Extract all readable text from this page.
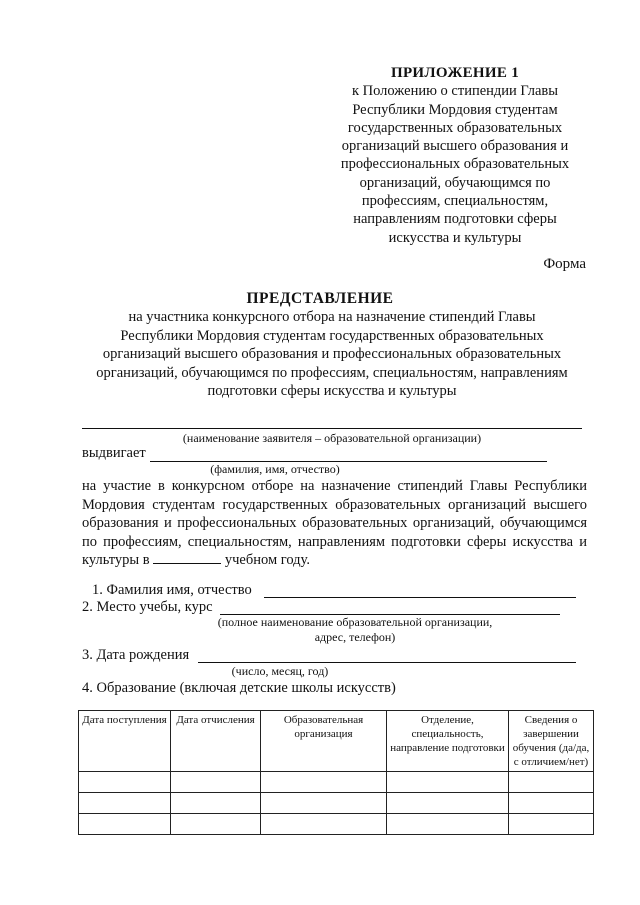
ПРИЛОЖЕНИЕ 1
к Положению о стипендии Главы
Республики Мордовия студентам
государственных образовательных
организаций высшего образования и
профессиональных образовательных
организаций, обучающимся по
профессиям, специальностям,
направлениям подготовки сферы
искусства и культуры
Форма
ПРЕДСТАВЛЕНИЕ
на участника конкурсного отбора на назначение стипендий Главы
Республики Мордовия студентам государственных образовательных
организаций высшего образования и профессиональных образовательных
организаций, обучающимся по профессиям, специальностям, направлениям
подготовки сферы искусства и культуры
(наименование заявителя – образовательной организации)
выдвигает
(фамилия, имя, отчество)
на участие в конкурсном отборе на назначение стипендий Главы Республики Мордовия студентам государственных образовательных организаций высшего образования и профессиональных образовательных организаций, обучающимся по профессиям, специальностям, направлениям подготовки сферы искусства и культуры в	учебном году.
1. Фамилия имя, отчество
2. Место учебы, курс
(полное наименование образовательной организации,
адрес, телефон)
3. Дата рождения
(число, месяц, год)
4. Образование (включая детские школы искусств)
Дата поступления	Дата отчисления	Образовательная организация	Отделение, специальность, направление подготовки	Сведения о завершении обучения (да/да, с отличием/нет)
